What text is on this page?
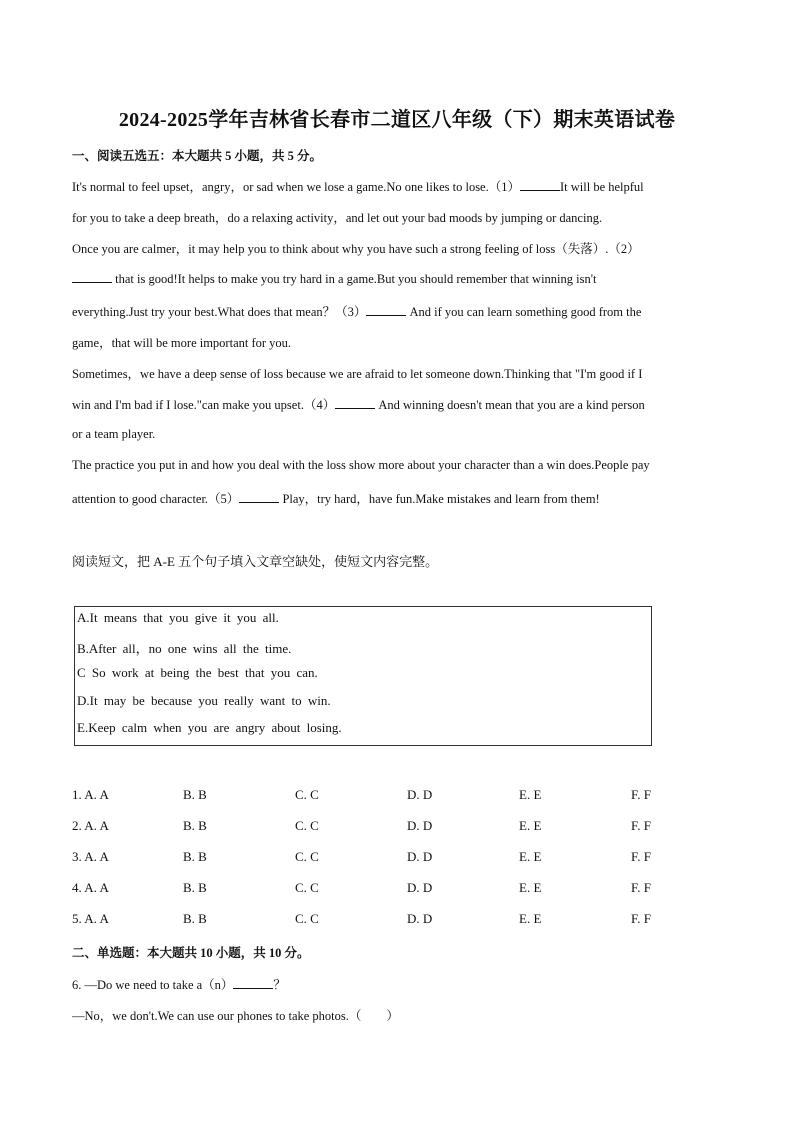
2024-2025学年吉林省长春市二道区八年级（下）期末英语试卷
一、阅读五选五：本大题共 5 小题，共 5 分。
It's normal to feel upset，angry，or sad when we lose a game.No one likes to lose.（1）	It will be helpful
for you to take a deep breath，do a relaxing activity，and let out your bad moods by jumping or dancing.
Once you are calmer，it may help you to think about why you have such a strong feeling of loss（失落）.（2）
that is good!It helps to make you try hard in a game.But you should remember that winning isn't
everything.Just try your best.What does that mean？（3）	And if you can learn something good from the
game，that will be more important for you.
Sometimes，we have a deep sense of loss because we are afraid to let someone down.Thinking that "I'm good if I
win and I'm bad if I lose."can make you upset.（4）	And winning doesn't mean that you are a kind person
or a team player.
The practice you put in and how you deal with the loss show more about your character than a win does.People pay
attention to good character.（5）	Play，try hard，have fun.Make mistakes and learn from them!
阅读短文，把 A-E 五个句子填入文章空缺处，使短文内容完整。
A.It means that you give it you all.
B.After all，no one wins all the time.
C So work at being the best that you can.
D.It may be because you really want to win.
E.Keep calm when you are angry about losing.
1. A. A	B. B	C. C	D. D	E. E	F. F
2. A. A	B. B	C. C	D. D	E. E	F. F
3. A. A	B. B	C. C	D. D	E. E	F. F
4. A. A	B. B	C. C	D. D	E. E	F. F
5. A. A	B. B	C. C	D. D	E. E	F. F
二、单选题：本大题共 10 小题，共 10 分。
6. —Do we need to take a（n）	？
—No，we don't.We can use our phones to take photos.（　　）
